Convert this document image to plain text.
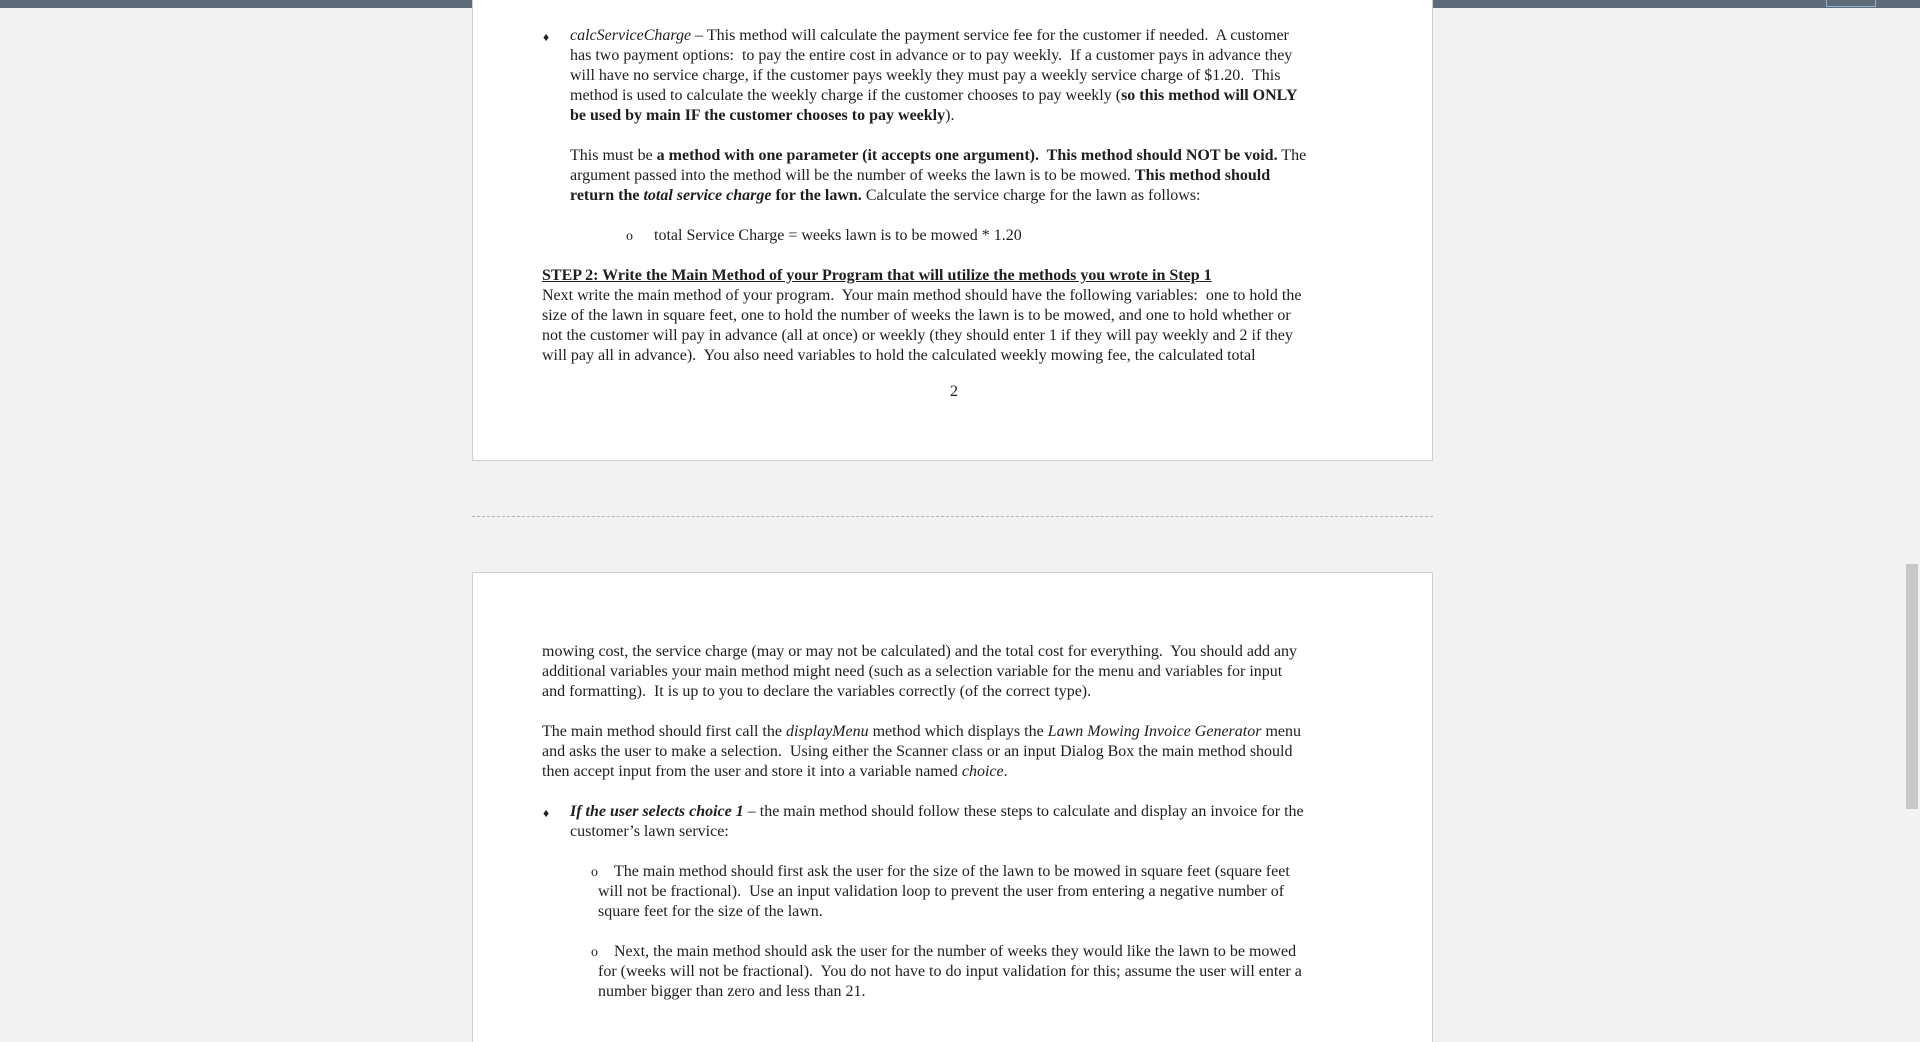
♦ calcServiceCharge – This method will calculate the payment service fee for the customer if needed.  A customer
has two payment options:  to pay the entire cost in advance or to pay weekly.  If a customer pays in advance they
will have no service charge, if the customer pays weekly they must pay a weekly service charge of $1.20.  This
method is used to calculate the weekly charge if the customer chooses to pay weekly (so this method will ONLY
be used by main IF the customer chooses to pay weekly).
This must be a method with one parameter (it accepts one argument).  This method should NOT be void. The
argument passed into the method will be the number of weeks the lawn is to be mowed. This method should
return the total service charge for the lawn. Calculate the service charge for the lawn as follows:
o total Service Charge = weeks lawn is to be mowed * 1.20
STEP 2: Write the Main Method of your Program that will utilize the methods you wrote in Step 1
Next write the main method of your program.  Your main method should have the following variables:  one to hold the
size of the lawn in square feet, one to hold the number of weeks the lawn is to be mowed, and one to hold whether or
not the customer will pay in advance (all at once) or weekly (they should enter 1 if they will pay weekly and 2 if they
will pay all in advance).  You also need variables to hold the calculated weekly mowing fee, the calculated total
2
mowing cost, the service charge (may or may not be calculated) and the total cost for everything.  You should add any
additional variables your main method might need (such as a selection variable for the menu and variables for input
and formatting).  It is up to you to declare the variables correctly (of the correct type).
The main method should first call the displayMenu method which displays the Lawn Mowing Invoice Generator menu
and asks the user to make a selection.  Using either the Scanner class or an input Dialog Box the main method should
then accept input from the user and store it into a variable named choice.
♦ If the user selects choice 1 – the main method should follow these steps to calculate and display an invoice for the
customer’s lawn service:
o The main method should first ask the user for the size of the lawn to be mowed in square feet (square feet
will not be fractional).  Use an input validation loop to prevent the user from entering a negative number of
square feet for the size of the lawn.
o Next, the main method should ask the user for the number of weeks they would like the lawn to be mowed
for (weeks will not be fractional).  You do not have to do input validation for this; assume the user will enter a
number bigger than zero and less than 21.
